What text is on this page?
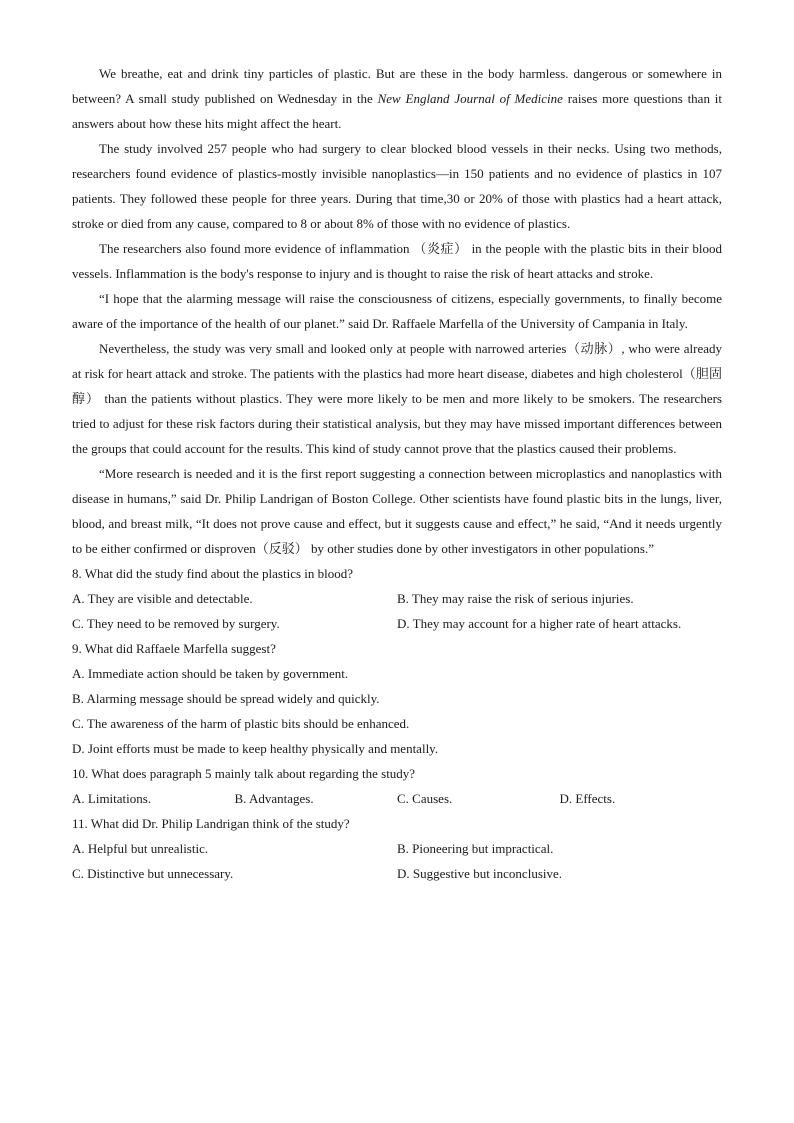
We breathe, eat and drink tiny particles of plastic. But are these in the body harmless. dangerous or somewhere in between? A small study published on Wednesday in the New England Journal of Medicine raises more questions than it answers about how these hits might affect the heart.

The study involved 257 people who had surgery to clear blocked blood vessels in their necks. Using two methods, researchers found evidence of plastics-mostly invisible nanoplastics—in 150 patients and no evidence of plastics in 107 patients. They followed these people for three years. During that time,30 or 20% of those with plastics had a heart attack, stroke or died from any cause, compared to 8 or about 8% of those with no evidence of plastics.

The researchers also found more evidence of inflammation （炎症） in the people with the plastic bits in their blood vessels. Inflammation is the body's response to injury and is thought to raise the risk of heart attacks and stroke.

“I hope that the alarming message will raise the consciousness of citizens, especially governments, to finally become aware of the importance of the health of our planet.” said Dr. Raffaele Marfella of the University of Campania in Italy.

Nevertheless, the study was very small and looked only at people with narrowed arteries（动脉）, who were already at risk for heart attack and stroke. The patients with the plastics had more heart disease, diabetes and high cholesterol（胆固醇） than the patients without plastics. They were more likely to be men and more likely to be smokers. The researchers tried to adjust for these risk factors during their statistical analysis, but they may have missed important differences between the groups that could account for the results. This kind of study cannot prove that the plastics caused their problems.

“More research is needed and it is the first report suggesting a connection between microplastics and nanoplastics with disease in humans,” said Dr. Philip Landrigan of Boston College. Other scientists have found plastic bits in the lungs, liver, blood, and breast milk, “It does not prove cause and effect, but it suggests cause and effect,” he said, “And it needs urgently to be either confirmed or disproven（反驳） by other studies done by other investigators in other populations.”

8. What did the study find about the plastics in blood?

A. They are visible and detectable.	B. They may raise the risk of serious injuries.
C. They need to be removed by surgery.	D. They may account for a higher rate of heart attacks.

9. What did Raffaele Marfella suggest?

A. Immediate action should be taken by government.

B. Alarming message should be spread widely and quickly.

C. The awareness of the harm of plastic bits should be enhanced.

D. Joint efforts must be made to keep healthy physically and mentally.

10. What does paragraph 5 mainly talk about regarding the study?

A. Limitations.	B. Advantages.	C. Causes.	D. Effects.

11. What did Dr. Philip Landrigan think of the study?

A. Helpful but unrealistic.	B. Pioneering but impractical.
C. Distinctive but unnecessary.	D. Suggestive but inconclusive.
